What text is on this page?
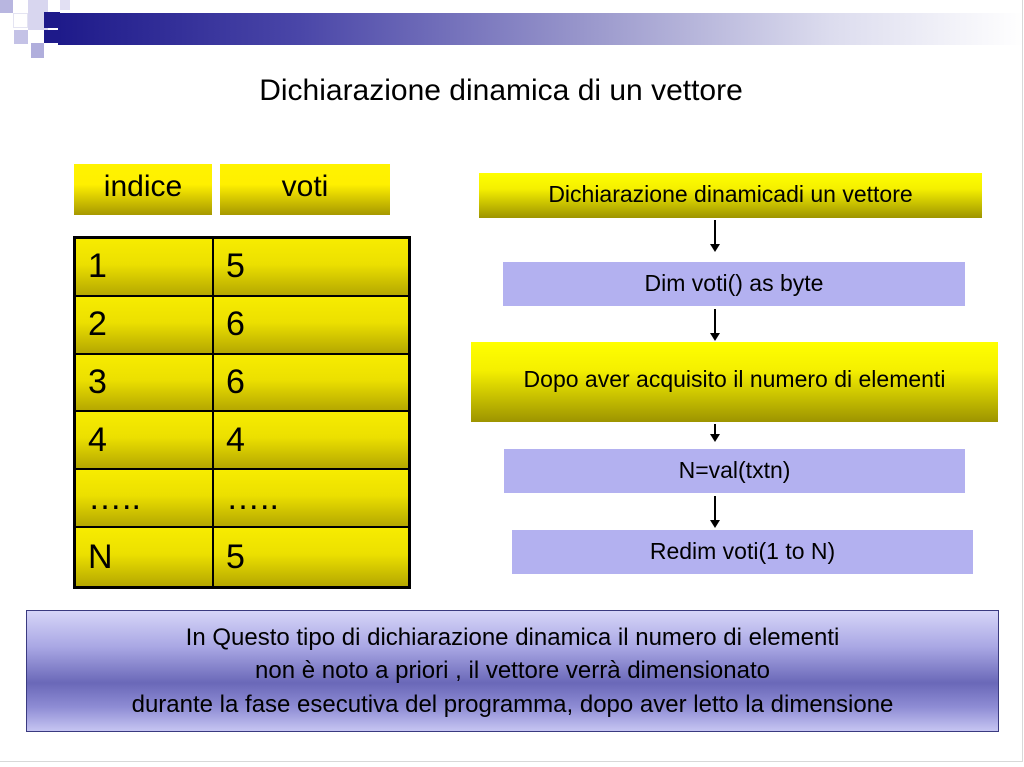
Dichiarazione dinamica di un vettore
indice	voti
1	5
2	6
3	6
4	4
…..	…..
N	5
Dichiarazione dinamicadi un vettore
Dim voti() as byte
Dopo aver acquisito il numero di elementi
N=val(txtn)
Redim voti(1 to N)
In Questo tipo di dichiarazione dinamica il numero di elementi
non è noto a priori , il vettore verrà dimensionato
durante la fase esecutiva del programma, dopo aver letto la dimensione
